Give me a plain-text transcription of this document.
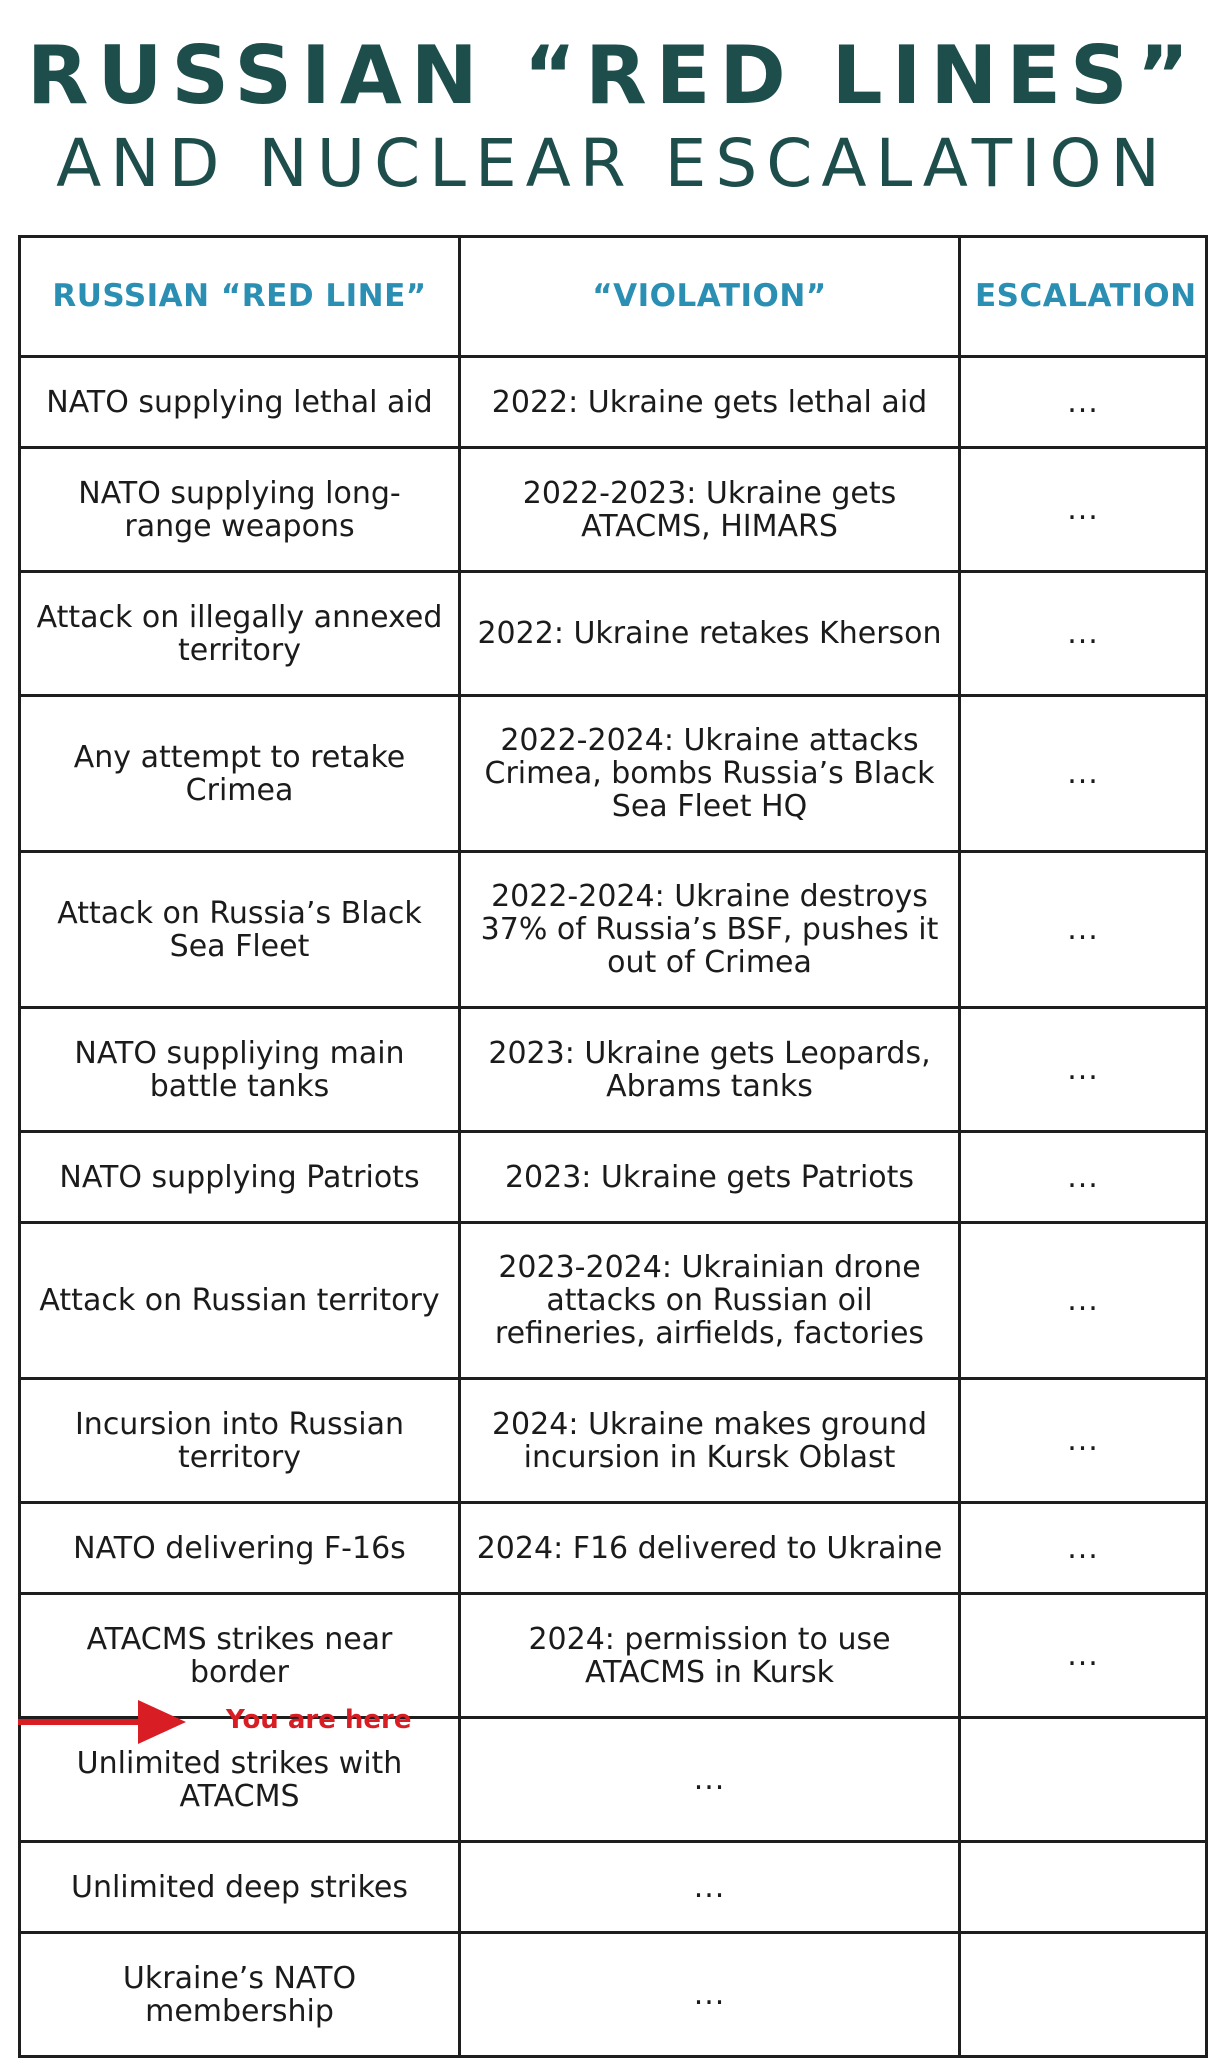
RUSSIAN “RED LINES”
AND NUCLEAR ESCALATION
RUSSIAN “RED LINE”	“VIOLATION”	ESCALATION
NATO supplying lethal aid	2022: Ukraine gets lethal aid	...
NATO supplying long-range weapons	2022-2023: Ukraine gets ATACMS, HIMARS	...
Attack on illegally annexed territory	2022: Ukraine retakes Kherson	...
Any attempt to retake Crimea	2022-2024: Ukraine attacks Crimea, bombs Russia’s Black Sea Fleet HQ	...
Attack on Russia’s Black Sea Fleet	2022-2024: Ukraine destroys 37% of Russia’s BSF, pushes it out of Crimea	...
NATO suppliying main battle tanks	2023: Ukraine gets Leopards, Abrams tanks	...
NATO supplying Patriots	2023: Ukraine gets Patriots	...
Attack on Russian territory	2023-2024: Ukrainian drone attacks on Russian oil refineries, airfields, factories	...
Incursion into Russian territory	2024: Ukraine makes ground incursion in Kursk Oblast	...
NATO delivering F-16s	2024: F16 delivered to Ukraine	...
ATACMS strikes near border	2024: permission to use ATACMS in Kursk	...
Unlimited strikes with ATACMS	...	
Unlimited deep strikes	...	
Ukraine’s NATO membership	...	
You are here
